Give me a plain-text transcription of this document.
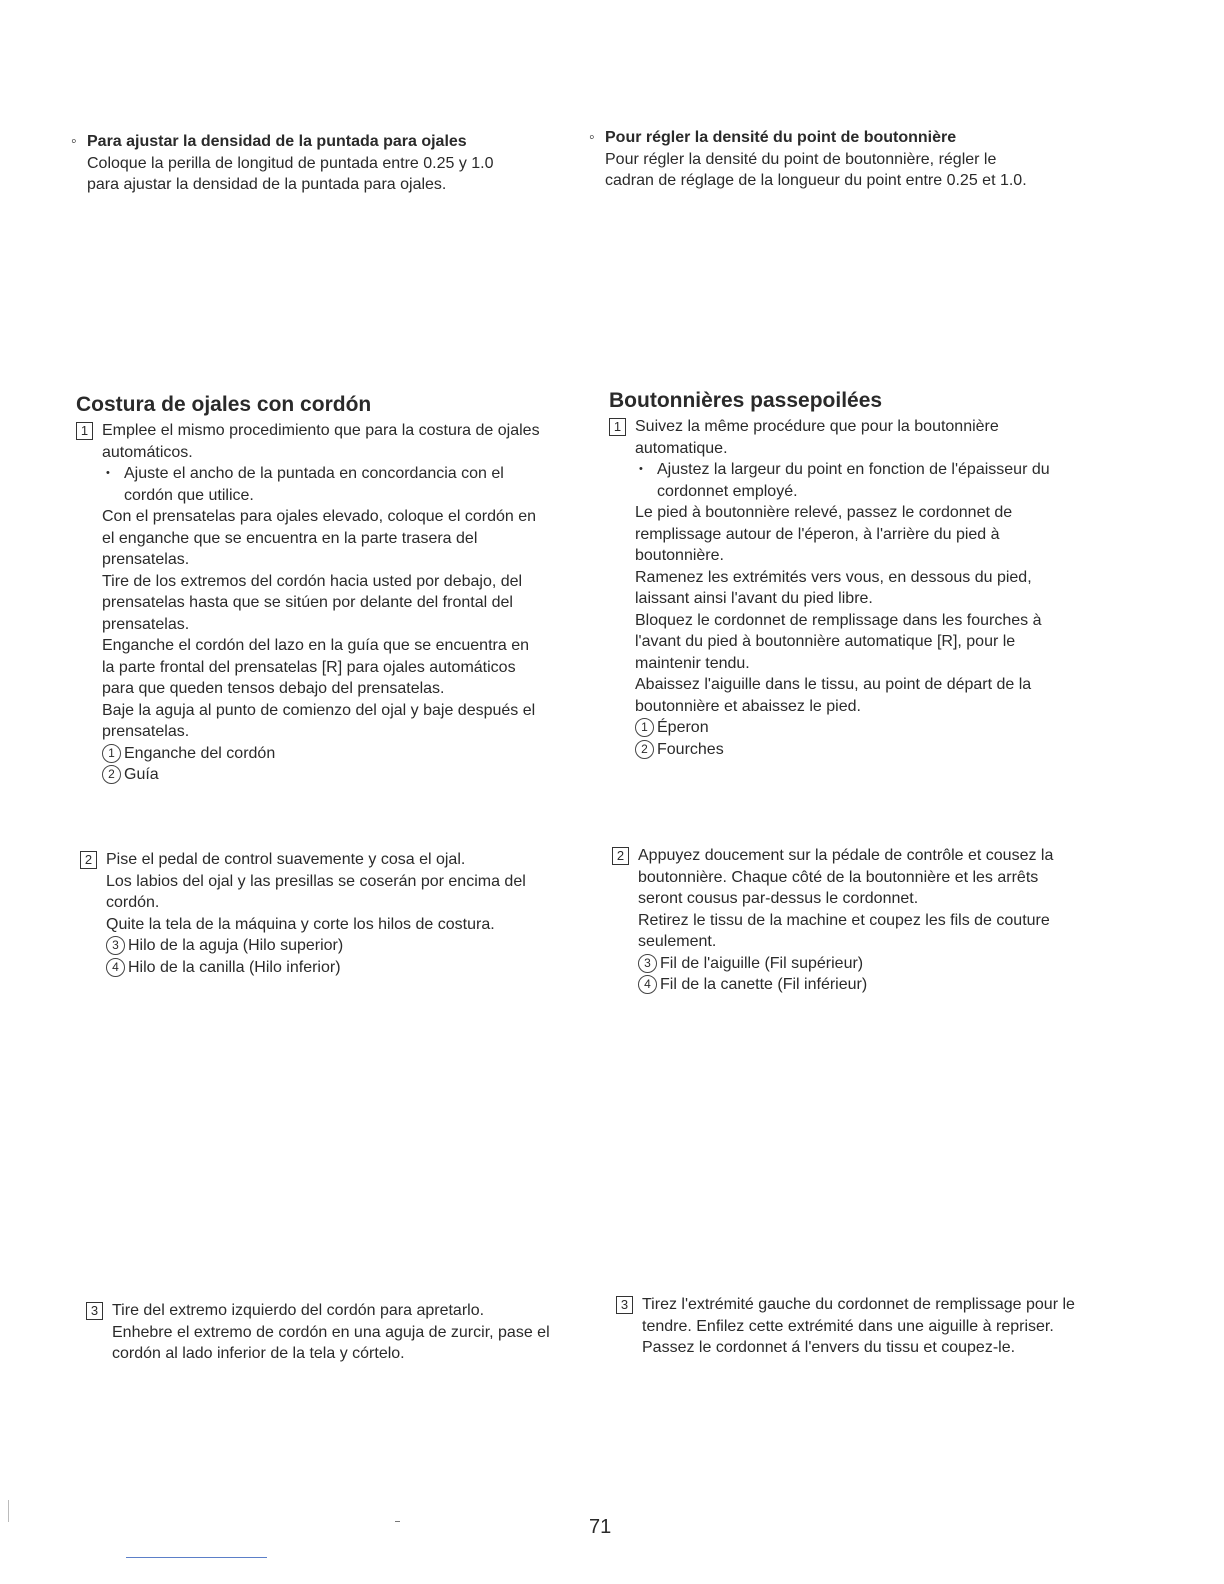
◦ Para ajustar la densidad de la puntada para ojales
Coloque la perilla de longitud de puntada entre 0.25 y 1.0
para ajustar la densidad de la puntada para ojales.
◦ Pour régler la densité du point de boutonnière
Pour régler la densité du point de boutonnière, régler le
cadran de réglage de la longueur du point entre 0.25 et 1.0.
Costura de ojales con cordón
1 Emplee el mismo procedimiento que para la costura de ojales
automáticos.
• Ajuste el ancho de la puntada en concordancia con el
cordón que utilice.
Con el prensatelas para ojales elevado, coloque el cordón en
el enganche que se encuentra en la parte trasera del
prensatelas.
Tire de los extremos del cordón hacia usted por debajo, del
prensatelas hasta que se sitúen por delante del frontal del
prensatelas.
Enganche el cordón del lazo en la guía que se encuentra en
la parte frontal del prensatelas [R] para ojales automáticos
para que queden tensos debajo del prensatelas.
Baje la aguja al punto de comienzo del ojal y baje después el
prensatelas.
1 Enganche del cordón
2 Guía
Boutonnières passepoilées
1 Suivez la même procédure que pour la boutonnière
automatique.
• Ajustez la largeur du point en fonction de l'épaisseur du
cordonnet employé.
Le pied à boutonnière relevé, passez le cordonnet de
remplissage autour de l'éperon, à l'arrière du pied à
boutonnière.
Ramenez les extrémités vers vous, en dessous du pied,
laissant ainsi l'avant du pied libre.
Bloquez le cordonnet de remplissage dans les fourches à
l'avant du pied à boutonnière automatique [R], pour le
maintenir tendu.
Abaissez l'aiguille dans le tissu, au point de départ de la
boutonnière et abaissez le pied.
1 Éperon
2 Fourches
2 Pise el pedal de control suavemente y cosa el ojal.
Los labios del ojal y las presillas se coserán por encima del
cordón.
Quite la tela de la máquina y corte los hilos de costura.
3 Hilo de la aguja (Hilo superior)
4 Hilo de la canilla (Hilo inferior)
2 Appuyez doucement sur la pédale de contrôle et cousez la
boutonnière. Chaque côté de la boutonnière et les arrêts
seront cousus par-dessus le cordonnet.
Retirez le tissu de la machine et coupez les fils de couture
seulement.
3 Fil de l'aiguille (Fil supérieur)
4 Fil de la canette (Fil inférieur)
3 Tire del extremo izquierdo del cordón para apretarlo.
Enhebre el extremo de cordón en una aguja de zurcir, pase el
cordón al lado inferior de la tela y córtelo.
3 Tirez l'extrémité gauche du cordonnet de remplissage pour le
tendre. Enfilez cette extrémité dans une aiguille à repriser.
Passez le cordonnet á l'envers du tissu et coupez-le.
71
